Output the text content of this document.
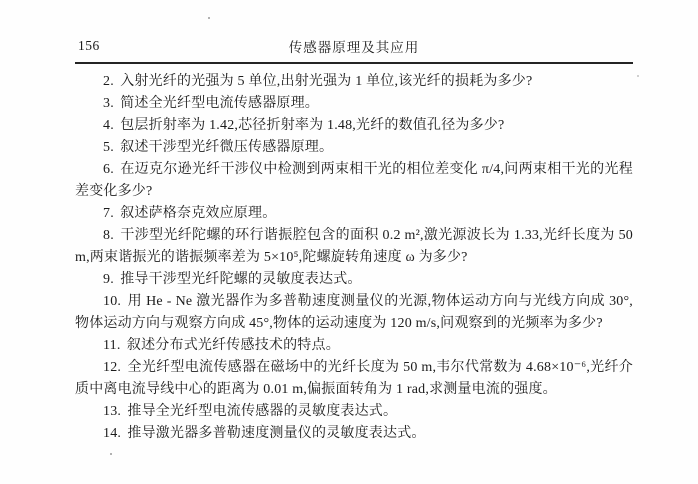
156	传感器原理及其应用

2. 入射光纤的光强为 5 单位,出射光强为 1 单位,该光纤的损耗为多少?

3. 简述全光纤型电流传感器原理。

4. 包层折射率为 1.42,芯径折射率为 1.48,光纤的数值孔径为多少?

5. 叙述干涉型光纤微压传感器原理。

6. 在迈克尔逊光纤干涉仪中检测到两束相干光的相位差变化 π/4,问两束相干光的光程差变化多少?

7. 叙述萨格奈克效应原理。

8. 干涉型光纤陀螺的环行谐振腔包含的面积 0.2 m²,激光源波长为 1.33,光纤长度为 50 m,两束谐振光的谐振频率差为 5×10⁵,陀螺旋转角速度 ω 为多少?

9. 推导干涉型光纤陀螺的灵敏度表达式。

10. 用 He - Ne 激光器作为多普勒速度测量仪的光源,物体运动方向与光线方向成 30°,物体运动方向与观察方向成 45°,物体的运动速度为 120 m/s,问观察到的光频率为多少?

11. 叙述分布式光纤传感技术的特点。

12. 全光纤型电流传感器在磁场中的光纤长度为 50 m,韦尔代常数为 4.68×10⁻⁶,光纤介质中离电流导线中心的距离为 0.01 m,偏振面转角为 1 rad,求测量电流的强度。

13. 推导全光纤型电流传感器的灵敏度表达式。

14. 推导激光器多普勒速度测量仪的灵敏度表达式。
